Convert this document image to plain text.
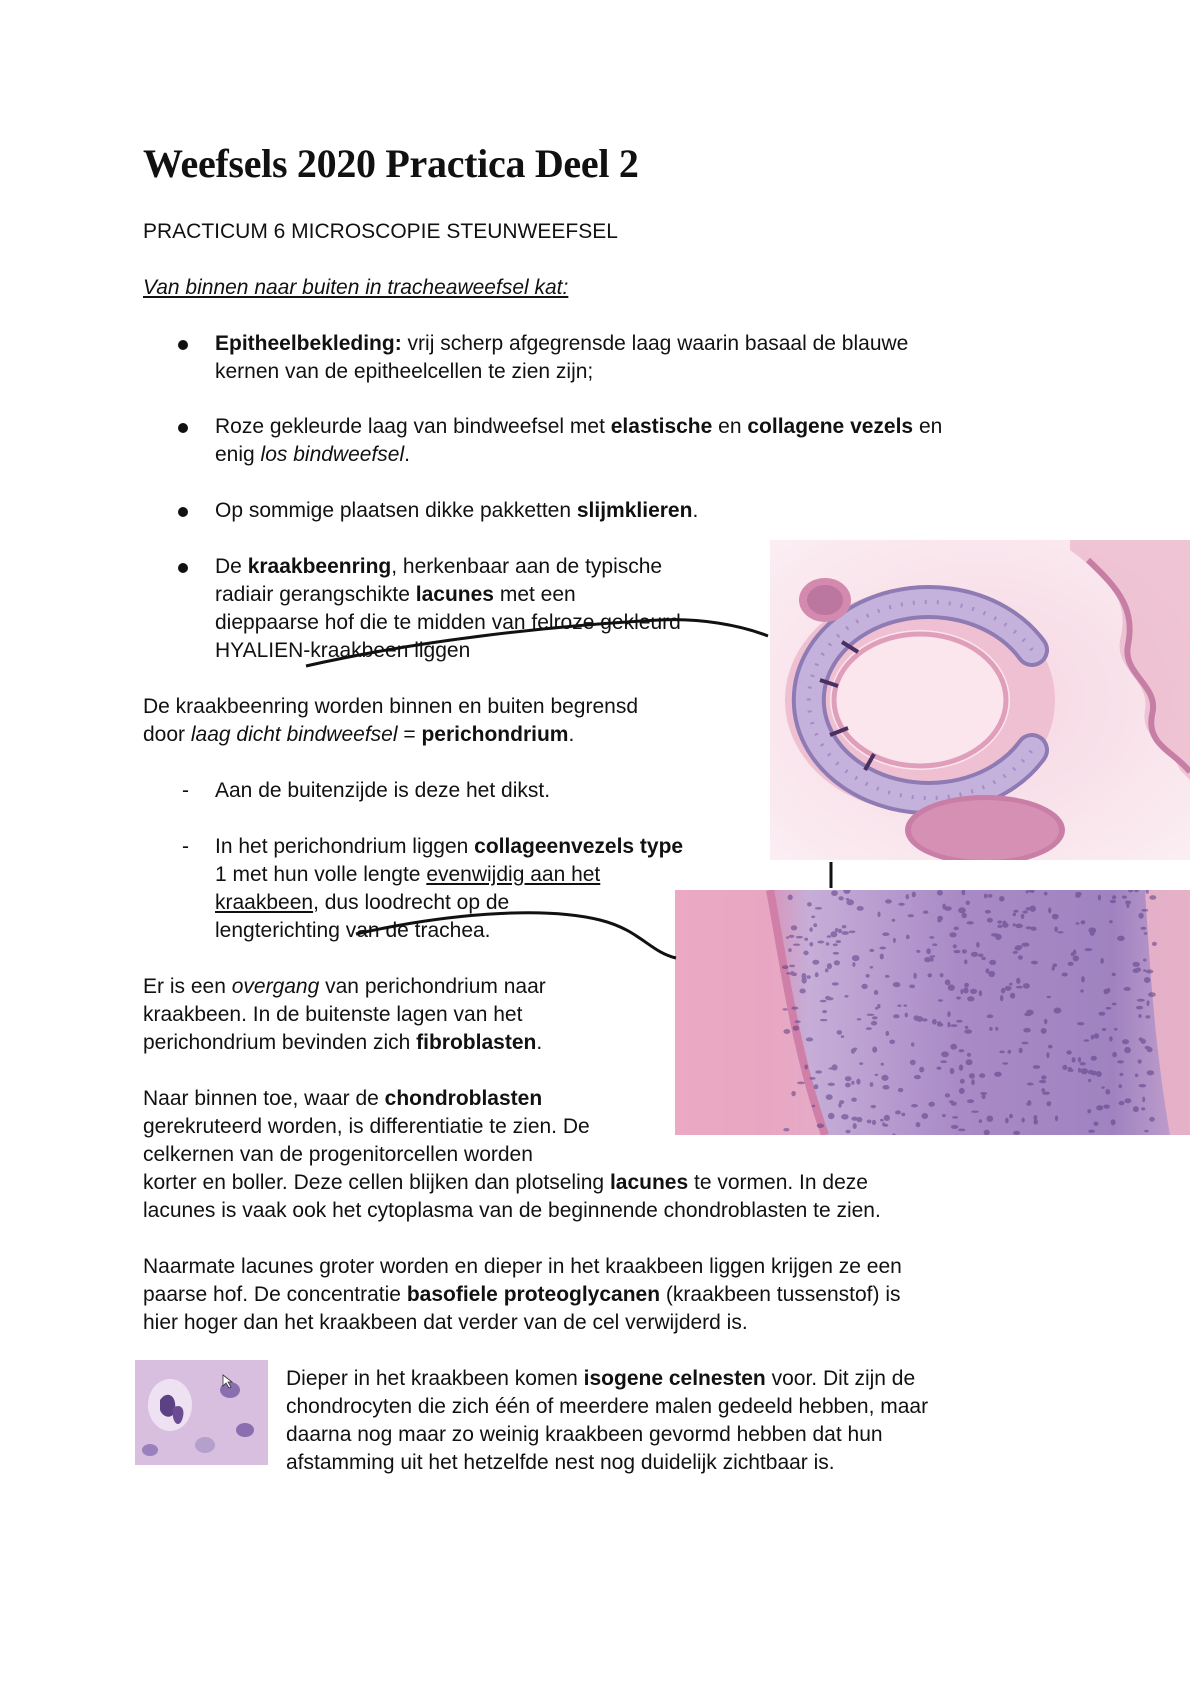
Weefsels 2020 Practica Deel 2
PRACTICUM 6 MICROSCOPIE STEUNWEEFSEL
Van binnen naar buiten in tracheaweefsel kat:
Epitheelbekleding: vrij scherp afgegrensde laag waarin basaal de blauwe
kernen van de epitheelcellen te zien zijn;
Roze gekleurde laag van bindweefsel met elastische en collagene vezels en
enig los bindweefsel.
Op sommige plaatsen dikke pakketten slijmklieren.
De kraakbeenring, herkenbaar aan de typische
radiair gerangschikte lacunes met een
dieppaarse hof die te midden van felroze gekleurd
HYALIEN-kraakbeen liggen
De kraakbeenring worden binnen en buiten begrensd
door laag dicht bindweefsel = perichondrium.
- Aan de buitenzijde is deze het dikst.
- In het perichondrium liggen collageenvezels type
1 met hun volle lengte evenwijdig aan het
kraakbeen, dus loodrecht op de
lengterichting van de trachea.
Er is een overgang van perichondrium naar
kraakbeen. In de buitenste lagen van het
perichondrium bevinden zich fibroblasten.
Naar binnen toe, waar de chondroblasten
gerekruteerd worden, is differentiatie te zien. De
celkernen van de progenitorcellen worden
korter en boller. Deze cellen blijken dan plotseling lacunes te vormen. In deze
lacunes is vaak ook het cytoplasma van de beginnende chondroblasten te zien.
Naarmate lacunes groter worden en dieper in het kraakbeen liggen krijgen ze een
paarse hof. De concentratie basofiele proteoglycanen (kraakbeen tussenstof) is
hier hoger dan het kraakbeen dat verder van de cel verwijderd is.
Dieper in het kraakbeen komen isogene celnesten voor. Dit zijn de
chondrocyten die zich één of meerdere malen gedeeld hebben, maar
daarna nog maar zo weinig kraakbeen gevormd hebben dat hun
afstamming uit het hetzelfde nest nog duidelijk zichtbaar is.
